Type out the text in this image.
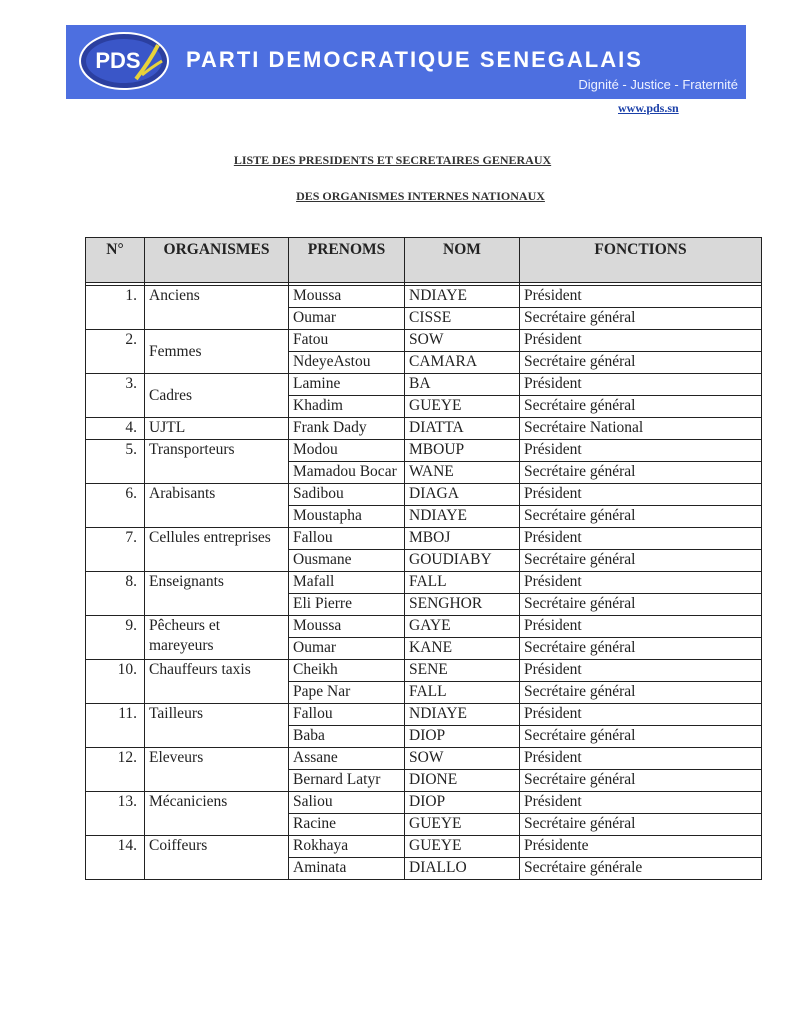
PDS PARTI DEMOCRATIQUE SENEGALAIS
Dignité - Justice - Fraternité
www.pds.sn
LISTE DES PRESIDENTS ET SECRETAIRES GENERAUX
DES ORGANISMES INTERNES NATIONAUX
N°	ORGANISMES	PRENOMS	NOM	FONCTIONS

1.	Anciens	Moussa	NDIAYE	Président
		Oumar	CISSE	Secrétaire général
2.	Femmes	Fatou	SOW	Président
		NdeyeAstou	CAMARA	Secrétaire général
3.	Cadres	Lamine	BA	Président
		Khadim	GUEYE	Secrétaire général
4.	UJTL	Frank Dady	DIATTA	Secrétaire National
5.	Transporteurs	Modou	MBOUP	Président
		Mamadou Bocar	WANE	Secrétaire général
6.	Arabisants	Sadibou	DIAGA	Président
		Moustapha	NDIAYE	Secrétaire général
7.	Cellules entreprises	Fallou	MBOJ	Président
		Ousmane	GOUDIABY	Secrétaire général
8.	Enseignants	Mafall	FALL	Président
		Eli Pierre	SENGHOR	Secrétaire général
9.	Pêcheurs et mareyeurs	Moussa	GAYE	Président
		Oumar	KANE	Secrétaire général
10.	Chauffeurs taxis	Cheikh	SENE	Président
		Pape Nar	FALL	Secrétaire général
11.	Tailleurs	Fallou	NDIAYE	Président
		Baba	DIOP	Secrétaire général
12.	Eleveurs	Assane	SOW	Président
		Bernard Latyr	DIONE	Secrétaire général
13.	Mécaniciens	Saliou	DIOP	Président
		Racine	GUEYE	Secrétaire général
14.	Coiffeurs	Rokhaya	GUEYE	Présidente
		Aminata	DIALLO	Secrétaire générale
